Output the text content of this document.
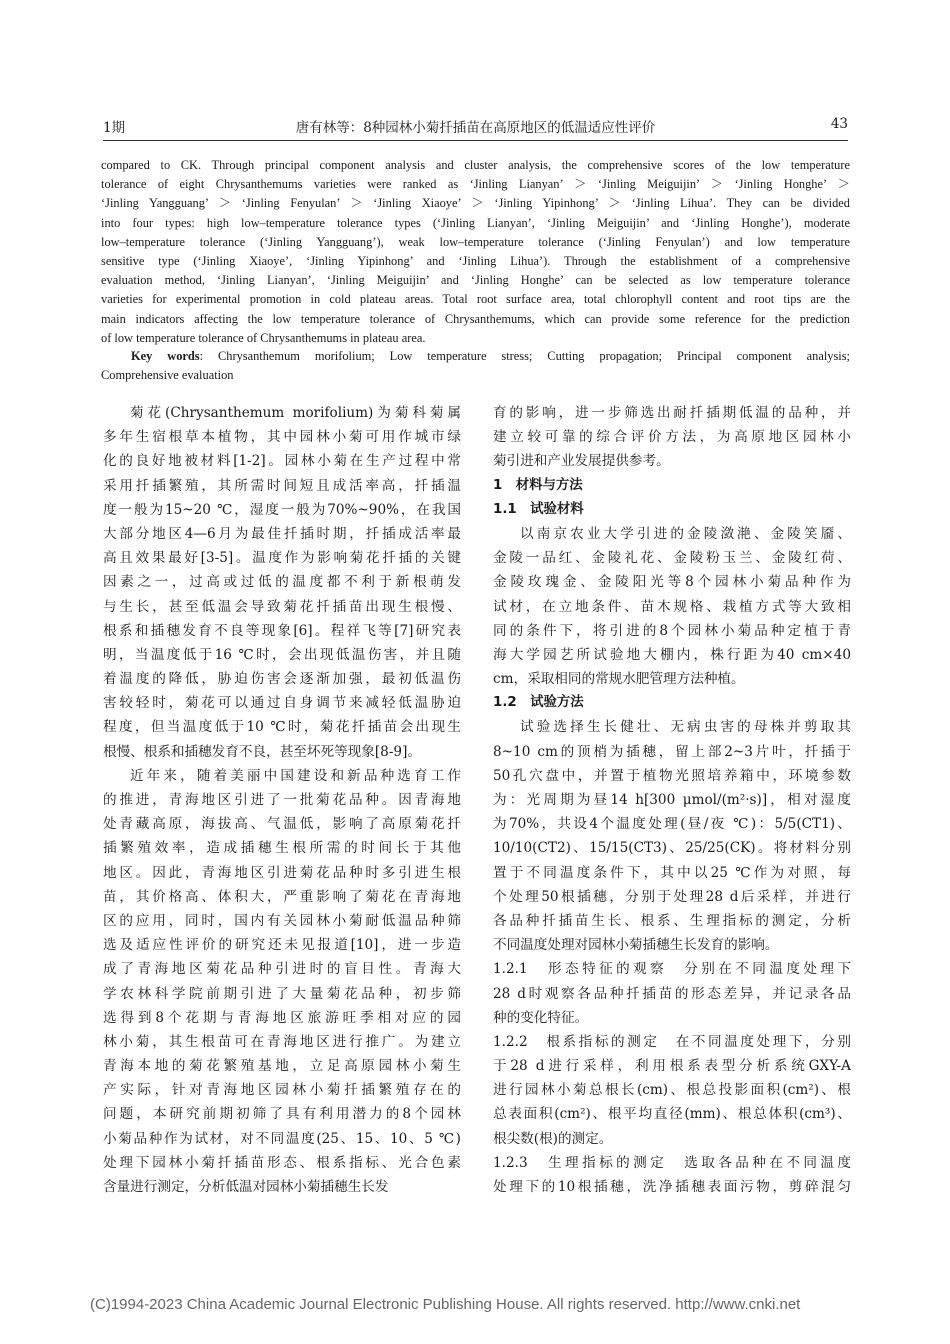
1期	唐有林等：8种园林小菊扦插苗在高原地区的低温适应性评价	43
compared to CK. Through principal component analysis and cluster analysis, the comprehensive scores of the low temperature
tolerance of eight Chrysanthemums varieties were ranked as ‘Jinling Lianyan’ ＞ ‘Jinling Meiguijin’ ＞ ‘Jinling Honghe’ ＞
‘Jinling Yangguang’ ＞ ‘Jinling Fenyulan’ ＞ ‘Jinling Xiaoye’ ＞ ‘Jinling Yipinhong’ ＞ ‘Jinling Lihua’. They can be divided
into four types: high low–temperature tolerance types (‘Jinling Lianyan’, ‘Jinling Meiguijin’ and ‘Jinling Honghe’), moderate
low–temperature tolerance (‘Jinling Yangguang’), weak low–temperature tolerance (‘Jinling Fenyulan’) and low temperature
sensitive type (‘Jinling Xiaoye’, ‘Jinling Yipinhong’ and ‘Jinling Lihua’). Through the establishment of a comprehensive
evaluation method, ‘Jinling Lianyan’, ‘Jinling Meiguijin’ and ‘Jinling Honghe’ can be selected as low temperature tolerance
varieties for experimental promotion in cold plateau areas. Total root surface area, total chlorophyll content and root tips are the
main indicators affecting the low temperature tolerance of Chrysanthemums, which can provide some reference for the prediction
of low temperature tolerance of Chrysanthemums in plateau area.
Key words: Chrysanthemum morifolium; Low temperature stress; Cutting propagation; Principal component analysis;
Comprehensive evaluation
菊花(Chrysanthemum morifolium)为菊科菊属
多年生宿根草本植物，其中园林小菊可用作城市绿
化的良好地被材料[1-2]。园林小菊在生产过程中常
采用扦插繁殖，其所需时间短且成活率高，扦插温
度一般为15~20 ℃，湿度一般为70%~90%，在我国
大部分地区4—6月为最佳扦插时期，扦插成活率最
高且效果最好[3-5]。温度作为影响菊花扦插的关键
因素之一，过高或过低的温度都不利于新根萌发
与生长，甚至低温会导致菊花扦插苗出现生根慢、
根系和插穗发育不良等现象[6]。程祥飞等[7]研究表
明，当温度低于16 ℃时，会出现低温伤害，并且随
着温度的降低，胁迫伤害会逐渐加强，最初低温伤
害较轻时，菊花可以通过自身调节来减轻低温胁迫
程度，但当温度低于10 ℃时，菊花扦插苗会出现生
根慢、根系和插穗发育不良，甚至坏死等现象[8-9]。
近年来，随着美丽中国建设和新品种选育工作
的推进，青海地区引进了一批菊花品种。因青海地
处青藏高原，海拔高、气温低，影响了高原菊花扦
插繁殖效率，造成插穗生根所需的时间长于其他
地区。因此，青海地区引进菊花品种时多引进生根
苗，其价格高、体积大，严重影响了菊花在青海地
区的应用，同时，国内有关园林小菊耐低温品种筛
选及适应性评价的研究还未见报道[10]，进一步造
成了青海地区菊花品种引进时的盲目性。青海大
学农林科学院前期引进了大量菊花品种，初步筛
选得到8个花期与青海地区旅游旺季相对应的园
林小菊，其生根苗可在青海地区进行推广。为建立
青海本地的菊花繁殖基地，立足高原园林小菊生
产实际，针对青海地区园林小菊扦插繁殖存在的
问题，本研究前期初筛了具有利用潜力的8个园林
小菊品种作为试材，对不同温度(25、15、10、5 ℃)
处理下园林小菊扦插苗形态、根系指标、光合色素
含量进行测定，分析低温对园林小菊插穗生长发
育的影响，进一步筛选出耐扦插期低温的品种，并
建立较可靠的综合评价方法，为高原地区园林小
菊引进和产业发展提供参考。
1　材料与方法
1.1　试验材料
以南京农业大学引进的金陵潋滟、金陵笑靥、
金陵一品红、金陵礼花、金陵粉玉兰、金陵红荷、
金陵玫瑰金、金陵阳光等8个园林小菊品种作为
试材，在立地条件、苗木规格、栽植方式等大致相
同的条件下，将引进的8个园林小菊品种定植于青
海大学园艺所试验地大棚内，株行距为40 cm×40
cm，采取相同的常规水肥管理方法种植。
1.2　试验方法
试验选择生长健壮、无病虫害的母株并剪取其
8~10 cm的顶梢为插穗，留上部2~3片叶，扦插于
50孔穴盘中，并置于植物光照培养箱中，环境参数
为：光周期为昼14 h[300 μmol/(m²·s)]，相对湿度
为70%，共设4个温度处理(昼/夜 ℃)：5/5(CT1)、
10/10(CT2)、15/15(CT3)、25/25(CK)。将材料分别
置于不同温度条件下，其中以25 ℃作为对照，每
个处理50根插穗，分别于处理28 d后采样，并进行
各品种扦插苗生长、根系、生理指标的测定，分析
不同温度处理对园林小菊插穗生长发育的影响。
1.2.1　形态特征的观察　分别在不同温度处理下
28 d时观察各品种扦插苗的形态差异，并记录各品
种的变化特征。
1.2.2　根系指标的测定　在不同温度处理下，分别
于28 d进行采样，利用根系表型分析系统GXY-A
进行园林小菊总根长(cm)、根总投影面积(cm²)、根
总表面积(cm²)、根平均直径(mm)、根总体积(cm³)、
根尖数(根)的测定。
1.2.3　生理指标的测定　选取各品种在不同温度
处理下的10根插穗，洗净插穗表面污物，剪碎混匀
(C)1994-2023 China Academic Journal Electronic Publishing House. All rights reserved. http://www.cnki.net
